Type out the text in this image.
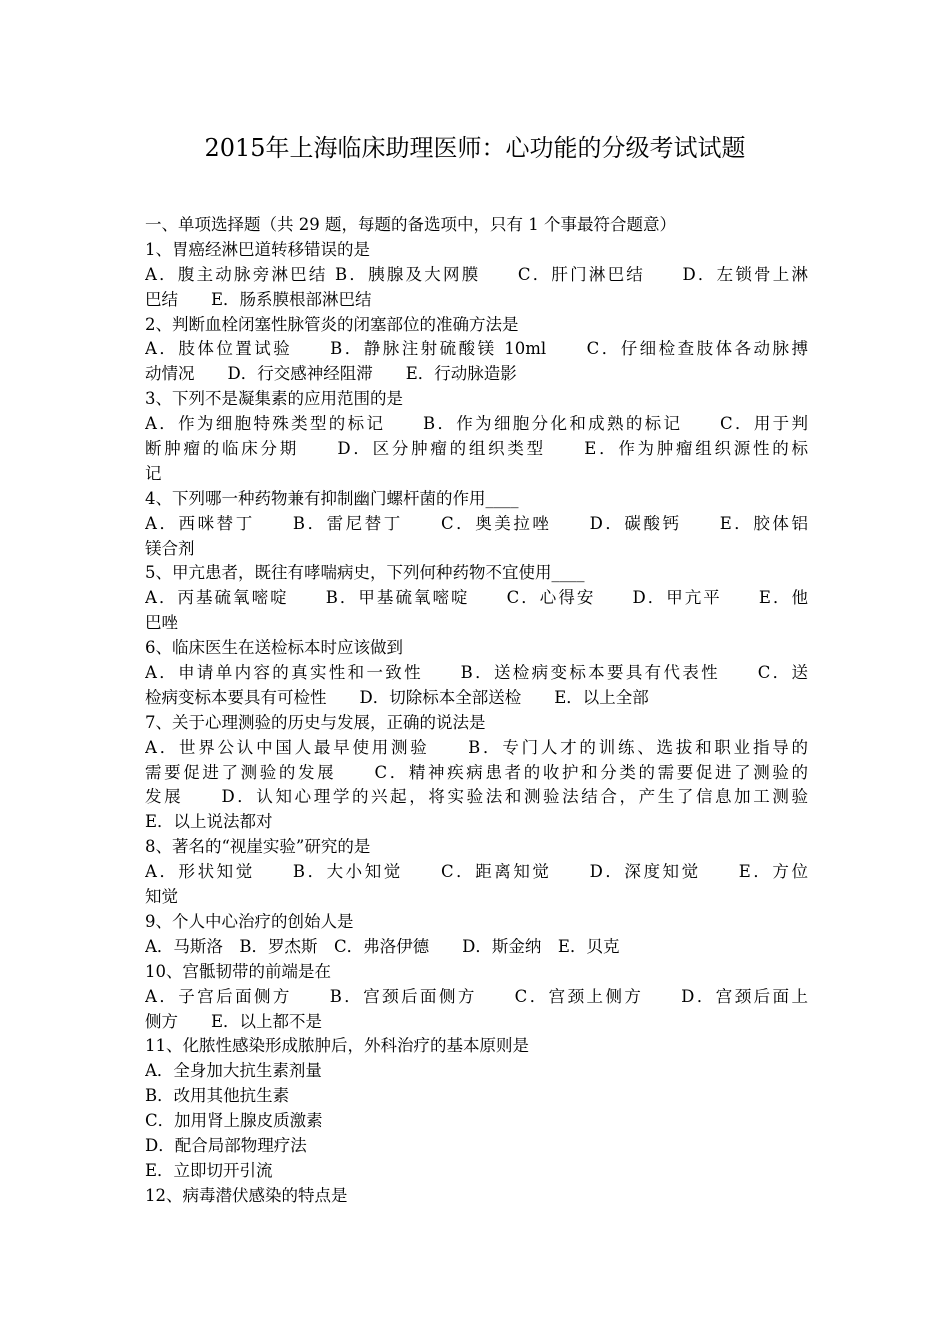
2015年上海临床助理医师：心功能的分级考试试题
一、单项选择题（共 29 题，每题的备选项中，只有 1 个事最符合题意）
1、胃癌经淋巴道转移错误的是
A．腹主动脉旁淋巴结 B．胰腺及大网膜　　C．肝门淋巴结　　D．左锁骨上淋
巴结　　E．肠系膜根部淋巴结
2、判断血栓闭塞性脉管炎的闭塞部位的准确方法是
A．肢体位置试验　　B．静脉注射硫酸镁 10ml　　C．仔细检查肢体各动脉搏
动情况　　D．行交感神经阻滞　　E．行动脉造影
3、下列不是凝集素的应用范围的是
A．作为细胞特殊类型的标记　　B．作为细胞分化和成熟的标记　　C．用于判
断肿瘤的临床分期　　D．区分肿瘤的组织类型　　E．作为肿瘤组织源性的标
记
4、下列哪一种药物兼有抑制幽门螺杆菌的作用____
A．西咪替丁　　B．雷尼替丁　　C．奥美拉唑　　D．碳酸钙　　E．胶体铝
镁合剂
5、甲亢患者，既往有哮喘病史，下列何种药物不宜使用____
A．丙基硫氧嘧啶　　B．甲基硫氧嘧啶　　C．心得安　　D．甲亢平　　E．他
巴唑
6、临床医生在送检标本时应该做到
A．申请单内容的真实性和一致性　　B．送检病变标本要具有代表性　　C．送
检病变标本要具有可检性　　D．切除标本全部送检　　E．以上全部
7、关于心理测验的历史与发展，正确的说法是
A．世界公认中国人最早使用测验　　B．专门人才的训练、选拔和职业指导的
需要促进了测验的发展　　C．精神疾病患者的收护和分类的需要促进了测验的
发展　　D．认知心理学的兴起，将实验法和测验法结合，产生了信息加工测验
E．以上说法都对
8、著名的“视崖实验”研究的是
A．形状知觉　　B．大小知觉　　C．距离知觉　　D．深度知觉　　E．方位
知觉
9、个人中心治疗的创始人是
A．马斯洛　B．罗杰斯　C．弗洛伊德　　D．斯金纳　E．贝克
10、宫骶韧带的前端是在
A．子宫后面侧方　　B．宫颈后面侧方　　C．宫颈上侧方　　D．宫颈后面上
侧方　　E．以上都不是
11、化脓性感染形成脓肿后，外科治疗的基本原则是
A．全身加大抗生素剂量
B．改用其他抗生素
C．加用肾上腺皮质激素
D．配合局部物理疗法
E．立即切开引流
12、病毒潜伏感染的特点是
